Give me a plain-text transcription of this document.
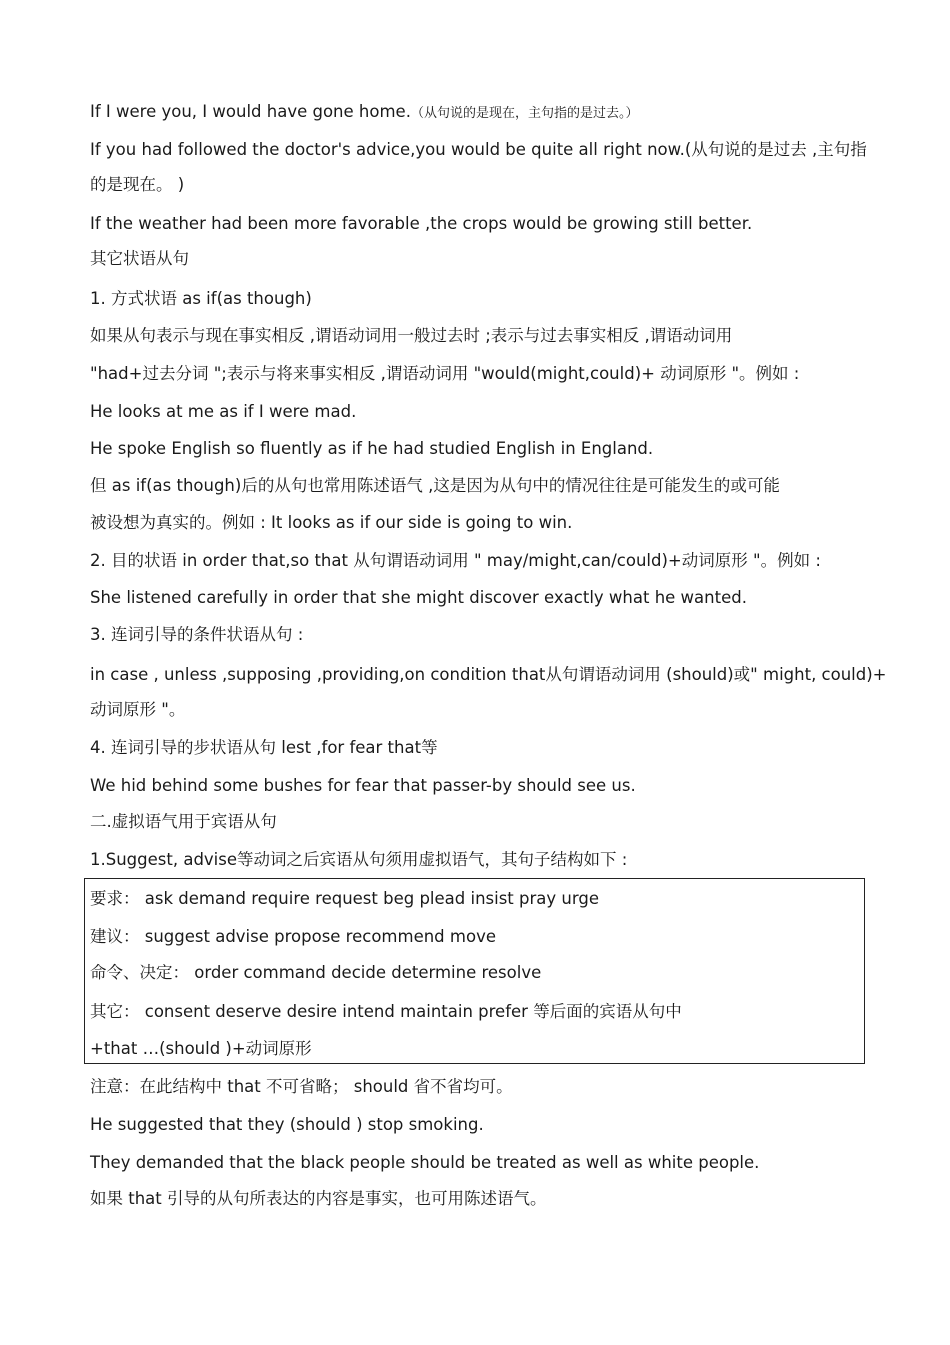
If I were you, I would have gone home.（从句说的是现在，主句指的是过去。）
If you had followed the doctor's advice,you would be quite all right now.(从句说的是过去 ,主句指
的是现在。 )
If the weather had been more favorable ,the crops would be growing still better.
其它状语从句
1. 方式状语 as if(as though)
如果从句表示与现在事实相反 ,谓语动词用一般过去时 ;表示与过去事实相反 ,谓语动词用
"had+过去分词 ";表示与将来事实相反 ,谓语动词用 "would(might,could)+ 动词原形 "。例如 :
He looks at me as if I were mad.
He spoke English so fluently as if he had studied English in England.
但 as if(as though)后的从句也常用陈述语气 ,这是因为从句中的情况往往是可能发生的或可能
被设想为真实的。例如 : It looks as if our side is going to win.
2. 目的状语 in order that,so that 从句谓语动词用 " may/might,can/could)+动词原形 "。例如 :
She listened carefully in order that she might discover exactly what he wanted.
3. 连词引导的条件状语从句 :
in case , unless ,supposing ,providing,on condition that从句谓语动词用 (should)或" might, could)+
动词原形 "。
4. 连词引导的步状语从句 lest ,for fear that等
We hid behind some bushes for fear that passer-by should see us.
二.虚拟语气用于宾语从句
1.Suggest, advise等动词之后宾语从句须用虚拟语气，其句子结构如下 :
要求： ask demand require request beg plead insist pray urge
建议： suggest advise propose recommend move
命令、决定： order command decide determine resolve
其它： consent deserve desire intend maintain prefer 等后面的宾语从句中
+that …(should )+动词原形
注意：在此结构中 that 不可省略； should 省不省均可。
He suggested that they (should ) stop smoking.
They demanded that the black people should be treated as well as white people.
如果 that 引导的从句所表达的内容是事实，也可用陈述语气。
